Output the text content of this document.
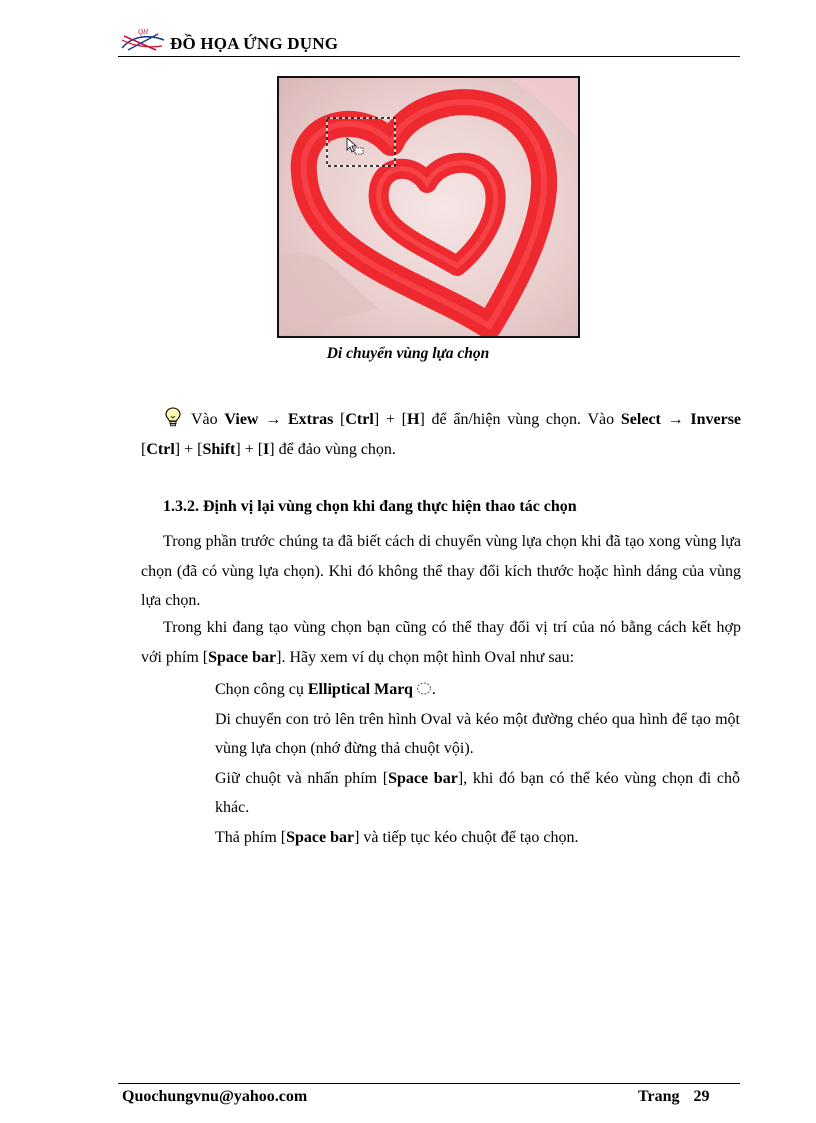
QH
ĐỒ HỌA ỨNG DỤNG
Di chuyển vùng lựa chọn
Vào View → Extras [Ctrl] + [H] để ẩn/hiện vùng chọn. Vào Select → Inverse [Ctrl] + [Shift] + [I] để đảo vùng chọn.
1.3.2. Định vị lại vùng chọn khi đang thực hiện thao tác chọn
Trong phần trước chúng ta đã biết cách di chuyển vùng lựa chọn khi đã tạo xong vùng lựa chọn (đã có vùng lựa chọn). Khi đó không thể thay đổi kích thước hoặc hình dáng của vùng lựa chọn.
Trong khi đang tạo vùng chọn bạn cũng có thể thay đổi vị trí của nó bằng cách kết hợp với phím [Space bar]. Hãy xem ví dụ chọn một hình Oval như sau:
Chọn công cụ Elliptical Marq .
Di chuyển con trỏ lên trên hình Oval và kéo một đường chéo qua hình để tạo một vùng lựa chọn (nhớ đừng thả chuột vội).
Giữ chuột và nhấn phím [Space bar], khi đó bạn có thể kéo vùng chọn đi chỗ khác.
Thả phím [Space bar] và tiếp tục kéo chuột để tạo chọn.
Quochungvnu@yahoo.com	Trang 29
